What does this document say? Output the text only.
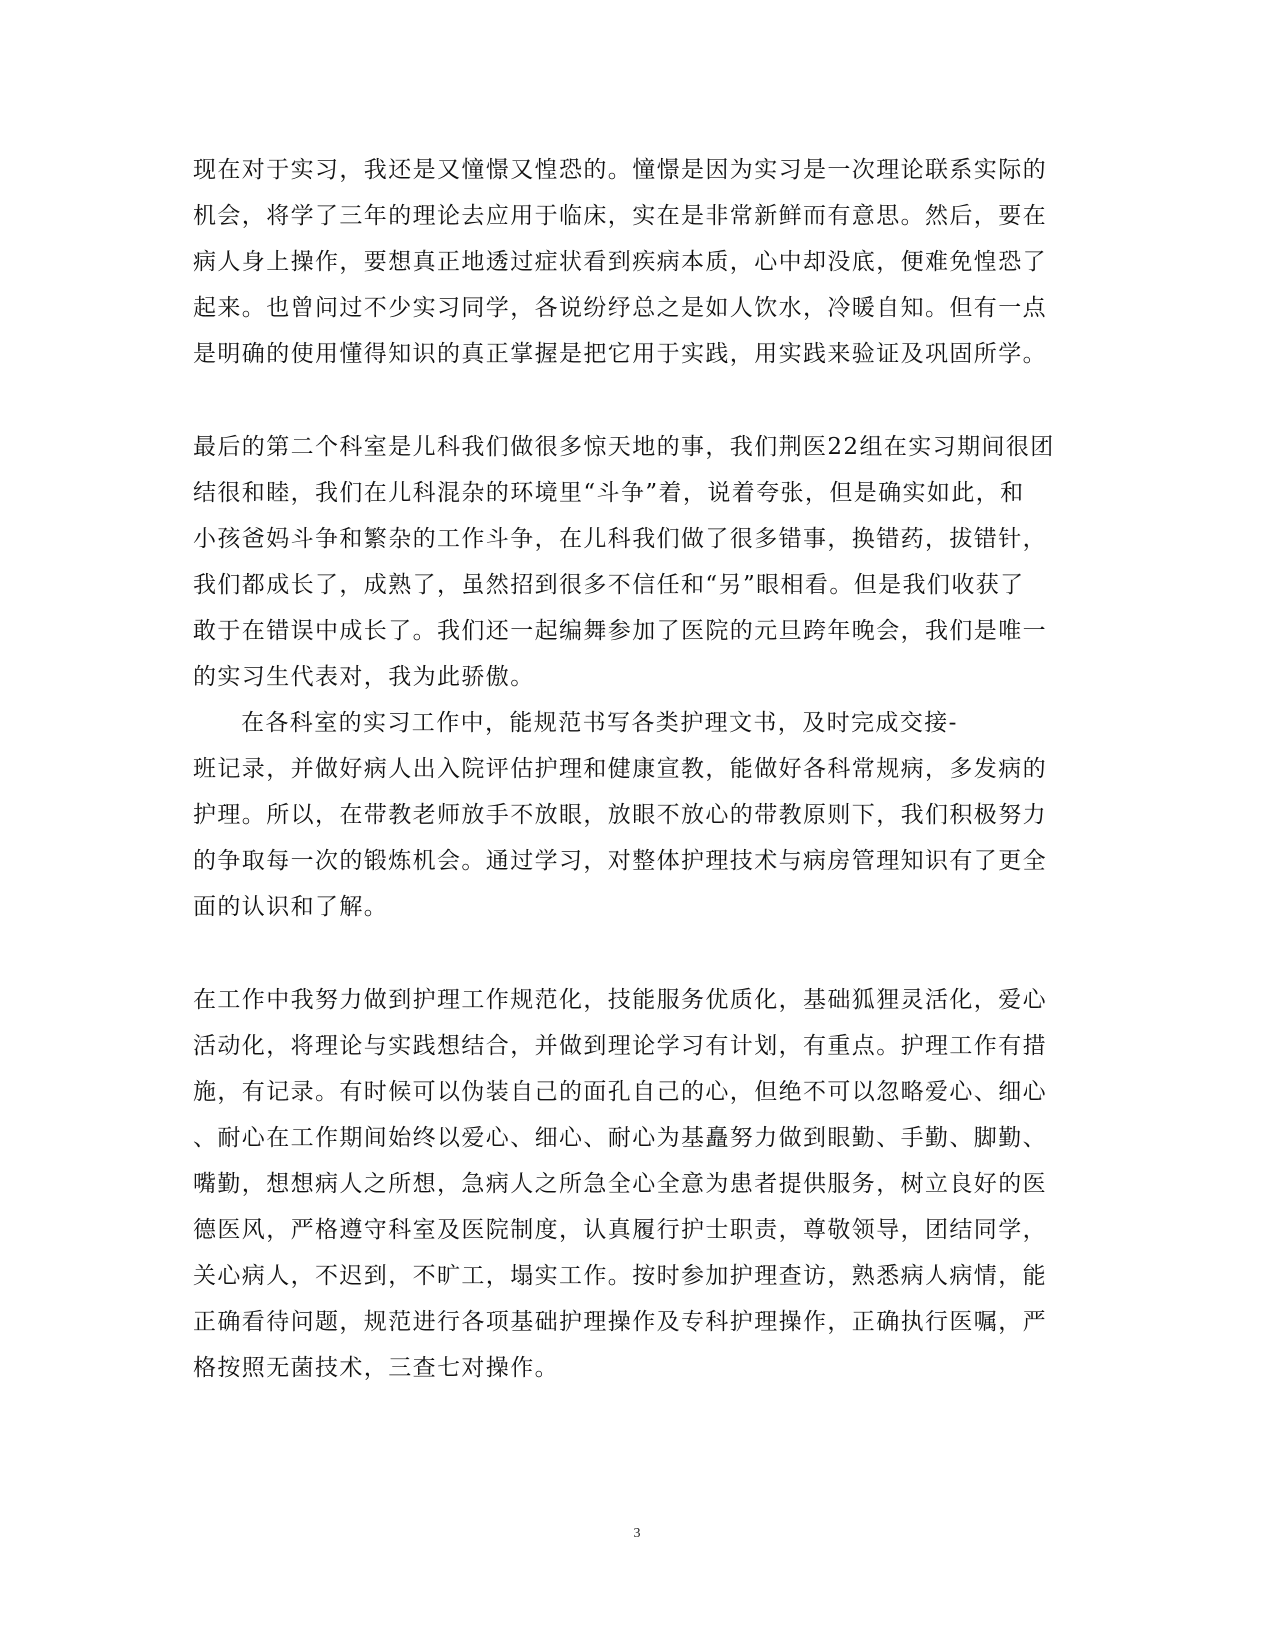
现在对于实习，我还是又憧憬又惶恐的。憧憬是因为实习是一次理论联系实际的
机会，将学了三年的理论去应用于临床，实在是非常新鲜而有意思。然后，要在
病人身上操作，要想真正地透过症状看到疾病本质，心中却没底，便难免惶恐了
起来。也曾问过不少实习同学，各说纷纾总之是如人饮水，冷暖自知。但有一点
是明确的使用懂得知识的真正掌握是把它用于实践，用实践来验证及巩固所学。
最后的第二个科室是儿科我们做很多惊天地的事，我们荆医22组在实习期间很团
结很和睦，我们在儿科混杂的环境里“斗争”着，说着夸张，但是确实如此，和
小孩爸妈斗争和繁杂的工作斗争，在儿科我们做了很多错事，换错药，拔错针，
我们都成长了，成熟了，虽然招到很多不信任和“另”眼相看。但是我们收获了
敢于在错误中成长了。我们还一起编舞参加了医院的元旦跨年晚会，我们是唯一
的实习生代表对，我为此骄傲。
在各科室的实习工作中，能规范书写各类护理文书，及时完成交接-
班记录，并做好病人出入院评估护理和健康宣教，能做好各科常规病，多发病的
护理。所以，在带教老师放手不放眼，放眼不放心的带教原则下，我们积极努力
的争取每一次的锻炼机会。通过学习，对整体护理技术与病房管理知识有了更全
面的认识和了解。
在工作中我努力做到护理工作规范化，技能服务优质化，基础狐狸灵活化，爱心
活动化，将理论与实践想结合，并做到理论学习有计划，有重点。护理工作有措
施，有记录。有时候可以伪装自己的面孔自己的心，但绝不可以忽略爱心、细心
、耐心在工作期间始终以爱心、细心、耐心为基矗努力做到眼勤、手勤、脚勤、
嘴勤，想想病人之所想，急病人之所急全心全意为患者提供服务，树立良好的医
德医风，严格遵守科室及医院制度，认真履行护士职责，尊敬领导，团结同学，
关心病人，不迟到，不旷工，塌实工作。按时参加护理查访，熟悉病人病情，能
正确看待问题，规范进行各项基础护理操作及专科护理操作，正确执行医嘱，严
格按照无菌技术，三查七对操作。
3
